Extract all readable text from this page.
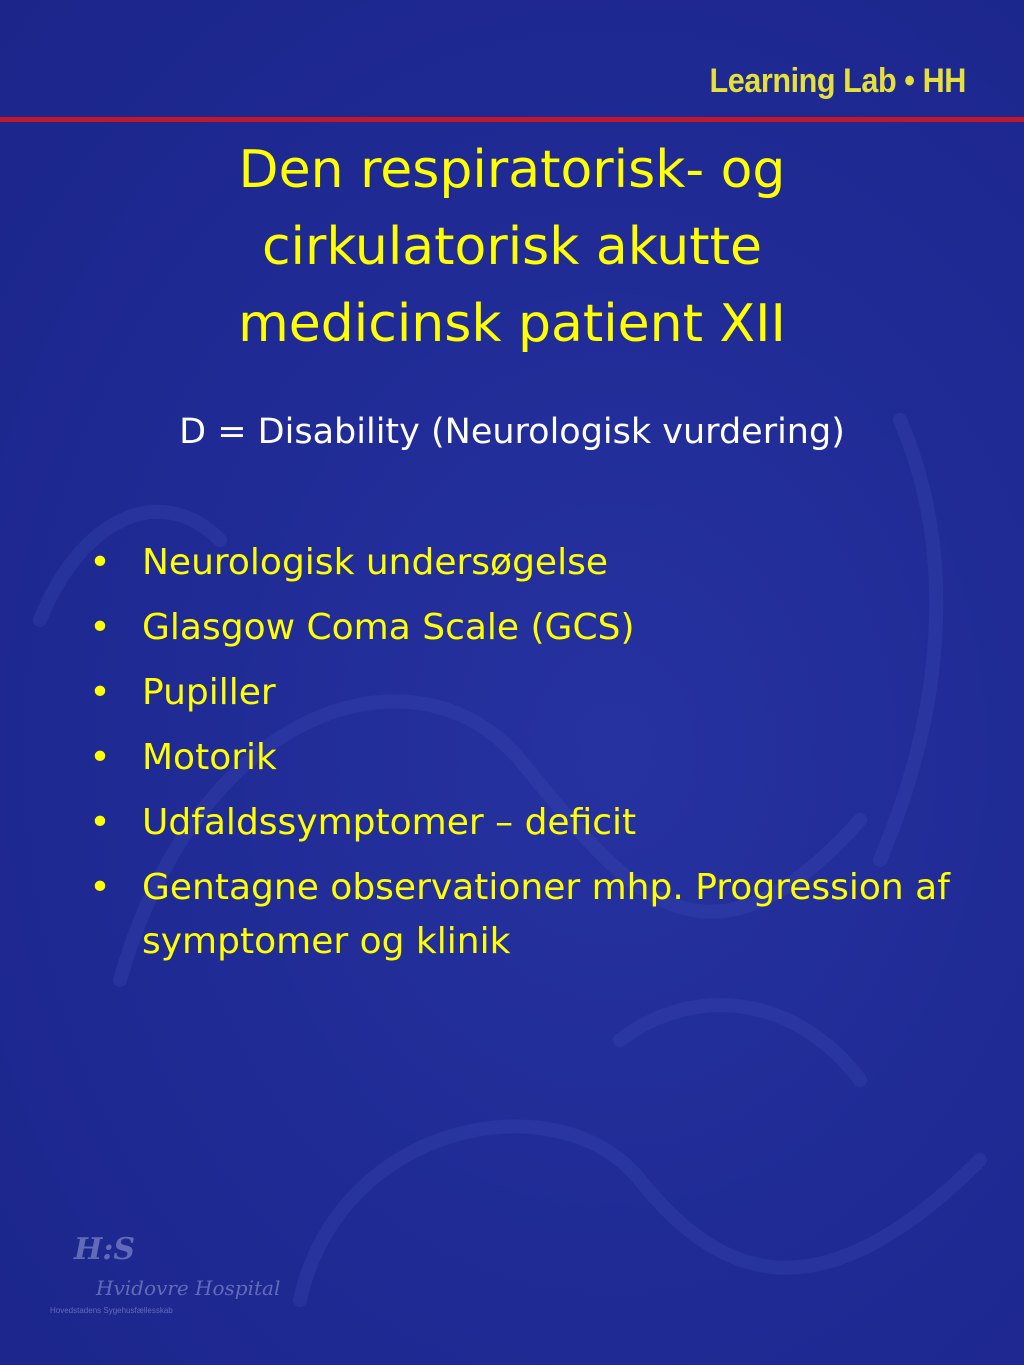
Learning Lab • HH
Den respiratorisk- og
cirkulatorisk akutte
medicinsk patient XII
D = Disability (Neurologisk vurdering)
• Neurologisk undersøgelse
• Glasgow Coma Scale (GCS)
• Pupiller
• Motorik
• Udfaldssymptomer – deficit
• Gentagne observationer mhp. Progression af symptomer og klinik
H:S
Hvidovre Hospital
Hovedstadens Sygehusfællesskab
